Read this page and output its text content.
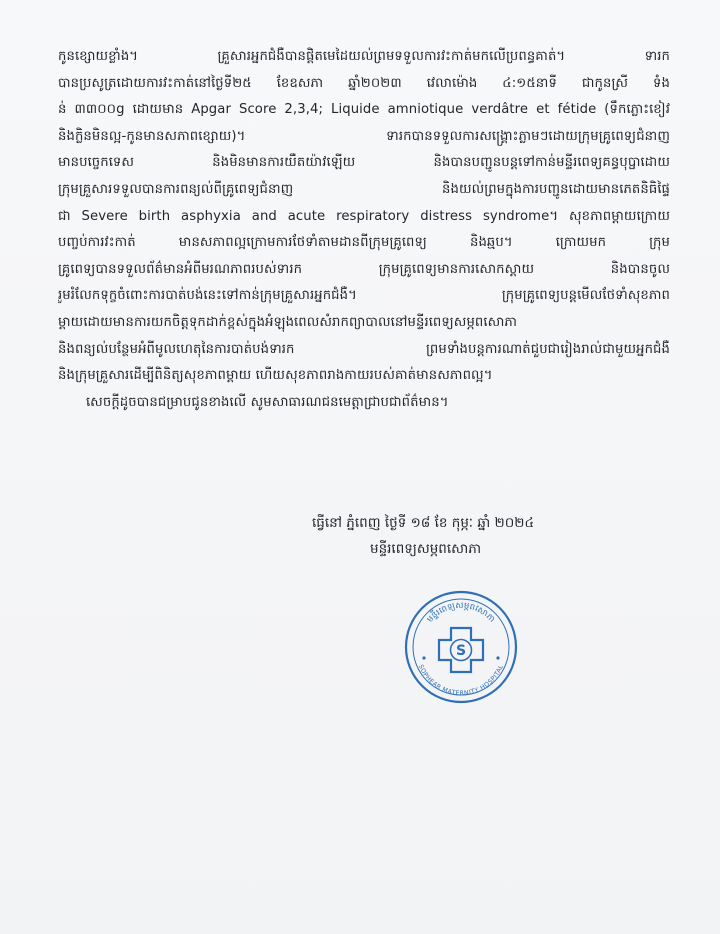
កូនខ្សោយខ្លាំង។ គ្រួសារអ្នកជំងឺបានផ្តិតមេដៃយល់ព្រមទទួលការវះកាត់មកលើប្រពន្ធគាត់។ ទារក
បានប្រសូត្រដោយការវះកាត់នៅថ្ងៃទី២៥ ខែឧសភា ឆ្នាំ២០២៣ វេលាម៉ោង ៤:១៥នាទី ជាកូនស្រី ទំង
ន់ ៣៣០០g ដោយមាន Apgar Score 2,3,4; Liquide amniotique verdâtre et fétide (ទឹកភ្លោះខៀវ
និងក្លិនមិនល្អ-កូនមានសភាពខ្សោយ)។ ទារកបានទទួលការសង្គ្រោះភ្លាមៗដោយក្រុមគ្រូពេទ្យជំនាញ
មានបច្ចេកទេស និងមិនមានការយឺតយ៉ាវឡើយ និងបានបញ្ជូនបន្តទៅកាន់មន្ទីរពេទ្យគន្ធបុប្ផាដោយ
ក្រុមគ្រួសារទទួលបានការពន្យល់ពីគ្រូពេទ្យជំនាញ និងយល់ព្រមក្នុងការបញ្ជូនដោយមានភេតនិធិផ្ទៃ
ជា Severe birth asphyxia and acute respiratory distress syndrome។ សុខភាពម្តាយក្រោយ
បញ្ចប់ការវះកាត់ មានសភាពល្អក្រោមការថែទាំតាមដានពីក្រុមគ្រូពេទ្យ និងឆ្មប។ ក្រោយមក ក្រុម
គ្រូពេទ្យបានទទួលព័ត៌មានអំពីមរណភាពរបស់ទារក ក្រុមគ្រូពេទ្យមានការសោកស្តាយ និងបានចូល
រួមរំលែកទុក្ខចំពោះការបាត់បង់នេះទៅកាន់ក្រុមគ្រួសារអ្នកជំងឺ។ ក្រុមគ្រូពេទ្យបន្តមើលថែទាំសុខភាព
ម្តាយដោយមានការយកចិត្តទុកដាក់ខ្ពស់ក្នុងអំឡុងពេលសំរាកព្យាបាលនៅមន្ទីរពេទ្យសម្ភពសោភា
និងពន្យល់បន្ថែមអំពីមូលហេតុនៃការបាត់បង់ទារក ព្រមទាំងបន្តការណាត់ជួបជារៀងរាល់ជាមួយអ្នកជំងឺ
និងក្រុមគ្រួសារដើម្បីពិនិត្យសុខភាពម្តាយ ហើយសុខភាពរាងកាយរបស់គាត់មានសភាពល្អ។
សេចក្តីដូចបានជម្រាបជូនខាងលើ សូមសាធារណជនមេត្តាជ្រាបជាព័ត៌មាន។
ធ្វើនៅ ភ្នំពេញ ថ្ងៃទី ១៨ ខែ កុម្ភៈ ឆ្នាំ ២០២៤
មន្ទីរពេទ្យសម្ភពសោភា
មន្ទីរពេទ្យសម្ភពសោភា
SOPHEAR MATERNITY HOSPITAL
S
